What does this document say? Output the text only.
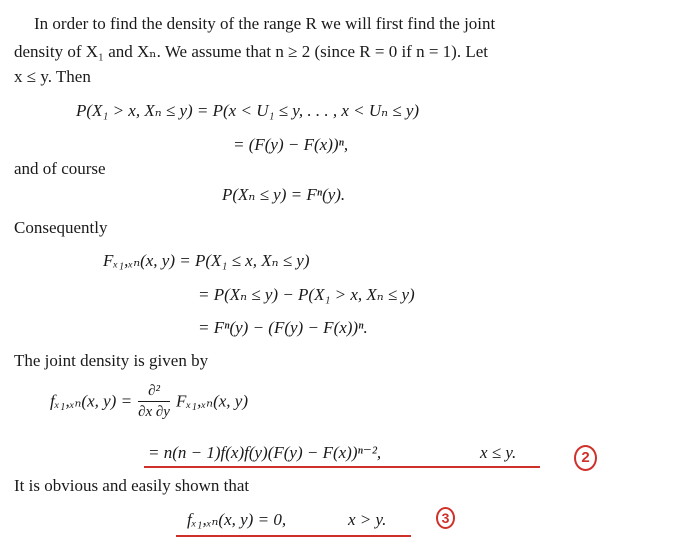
In order to find the density of the range R we will first find the joint
density of X₁ and Xₙ. We assume that n ≥ 2 (since R = 0 if n = 1). Let
x ≤ y. Then
P(X₁ > x, Xₙ ≤ y) = P(x < U₁ ≤ y, . . . , x < Uₙ ≤ y)
= (F(y) − F(x))ⁿ,
and of course
P(Xₙ ≤ y) = Fⁿ(y).
Consequently
Fₓ₁,ₓₙ(x, y) = P(X₁ ≤ x, Xₙ ≤ y)
= P(Xₙ ≤ y) − P(X₁ > x, Xₙ ≤ y)
= Fⁿ(y) − (F(y) − F(x))ⁿ.
The joint density is given by
fₓ₁,ₓₙ(x, $y) = \frac{\text{∂²}}{\partial x \partial y} F_{x1},_{xn}(x$, y)
= n(n − 1)f(x)f(y)(F(y) − F(x))ⁿ⁻²,	x ≤ y.	2
It is obvious and easily shown that
fₓ₁,ₓₙ(x, y) = 0,	x > y.	3
